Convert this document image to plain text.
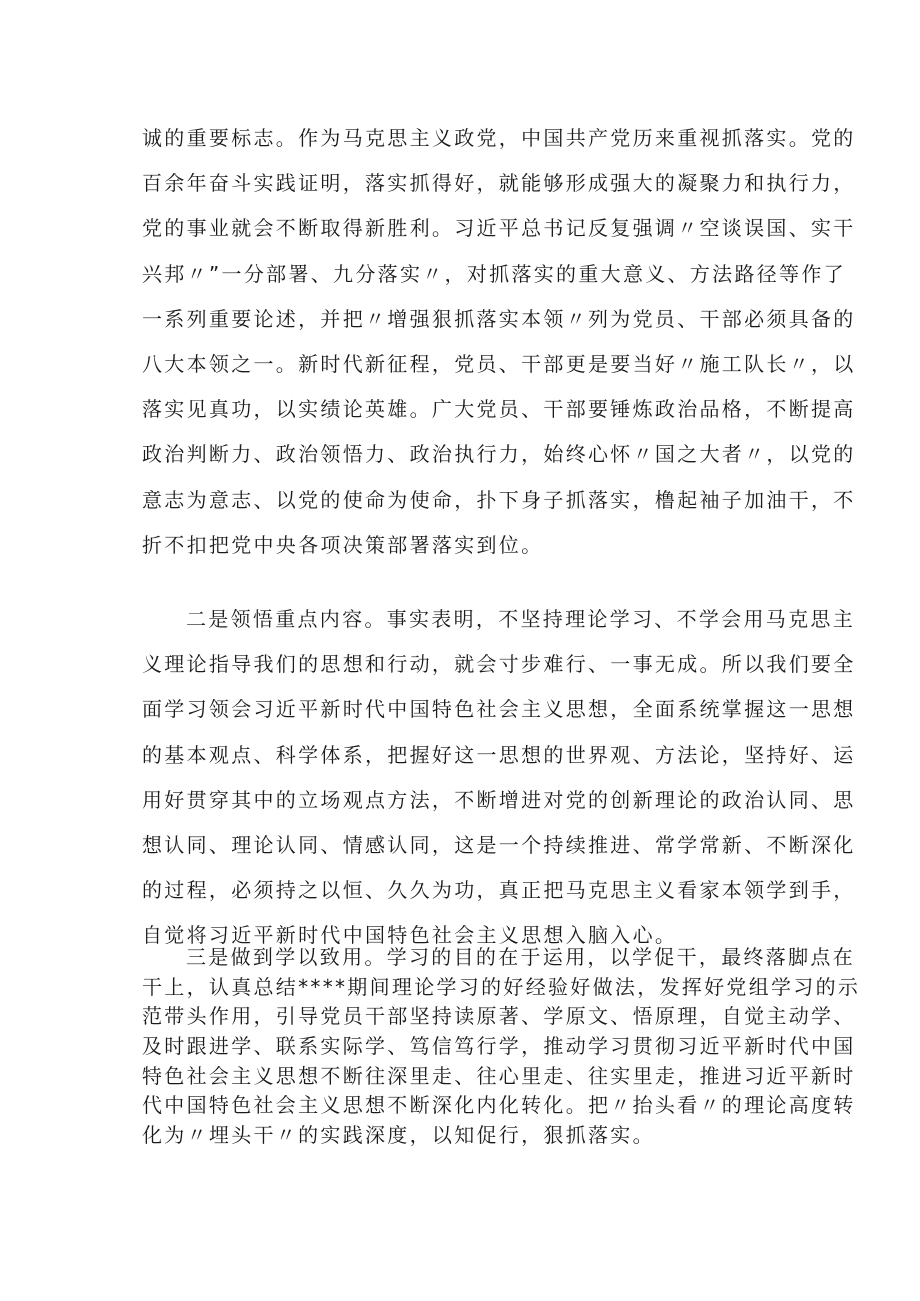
诚的重要标志。作为马克思主义政党，中国共产党历来重视抓落实。党的
百余年奋斗实践证明，落实抓得好，就能够形成强大的凝聚力和执行力，
党的事业就会不断取得新胜利。习近平总书记反复强调〃空谈误国、实干
兴邦〃”一分部署、九分落实〃，对抓落实的重大意义、方法路径等作了
一系列重要论述，并把〃增强狠抓落实本领〃列为党员、干部必须具备的
八大本领之一。新时代新征程，党员、干部更是要当好〃施工队长〃，以
落实见真功，以实绩论英雄。广大党员、干部要锤炼政治品格，不断提高
政治判断力、政治领悟力、政治执行力，始终心怀〃国之大者〃，以党的
意志为意志、以党的使命为使命，扑下身子抓落实，橹起袖子加油干，不
折不扣把党中央各项决策部署落实到位。
二是领悟重点内容。事实表明，不坚持理论学习、不学会用马克思主
义理论指导我们的思想和行动，就会寸步难行、一事无成。所以我们要全
面学习领会习近平新时代中国特色社会主义思想，全面系统掌握这一思想
的基本观点、科学体系，把握好这一思想的世界观、方法论，坚持好、运
用好贯穿其中的立场观点方法，不断增进对党的创新理论的政治认同、思
想认同、理论认同、情感认同，这是一个持续推进、常学常新、不断深化
的过程，必须持之以恒、久久为功，真正把马克思主义看家本领学到手，
自觉将习近平新时代中国特色社会主义思想入脑入心。
三是做到学以致用。学习的目的在于运用，以学促干，最终落脚点在
干上，认真总结****期间理论学习的好经验好做法，发挥好党组学习的示
范带头作用，引导党员干部坚持读原著、学原文、悟原理，自觉主动学、
及时跟进学、联系实际学、笃信笃行学，推动学习贯彻习近平新时代中国
特色社会主义思想不断往深里走、往心里走、往实里走，推进习近平新时
代中国特色社会主义思想不断深化内化转化。把〃抬头看〃的理论高度转
化为〃埋头干〃的实践深度，以知促行，狠抓落实。
